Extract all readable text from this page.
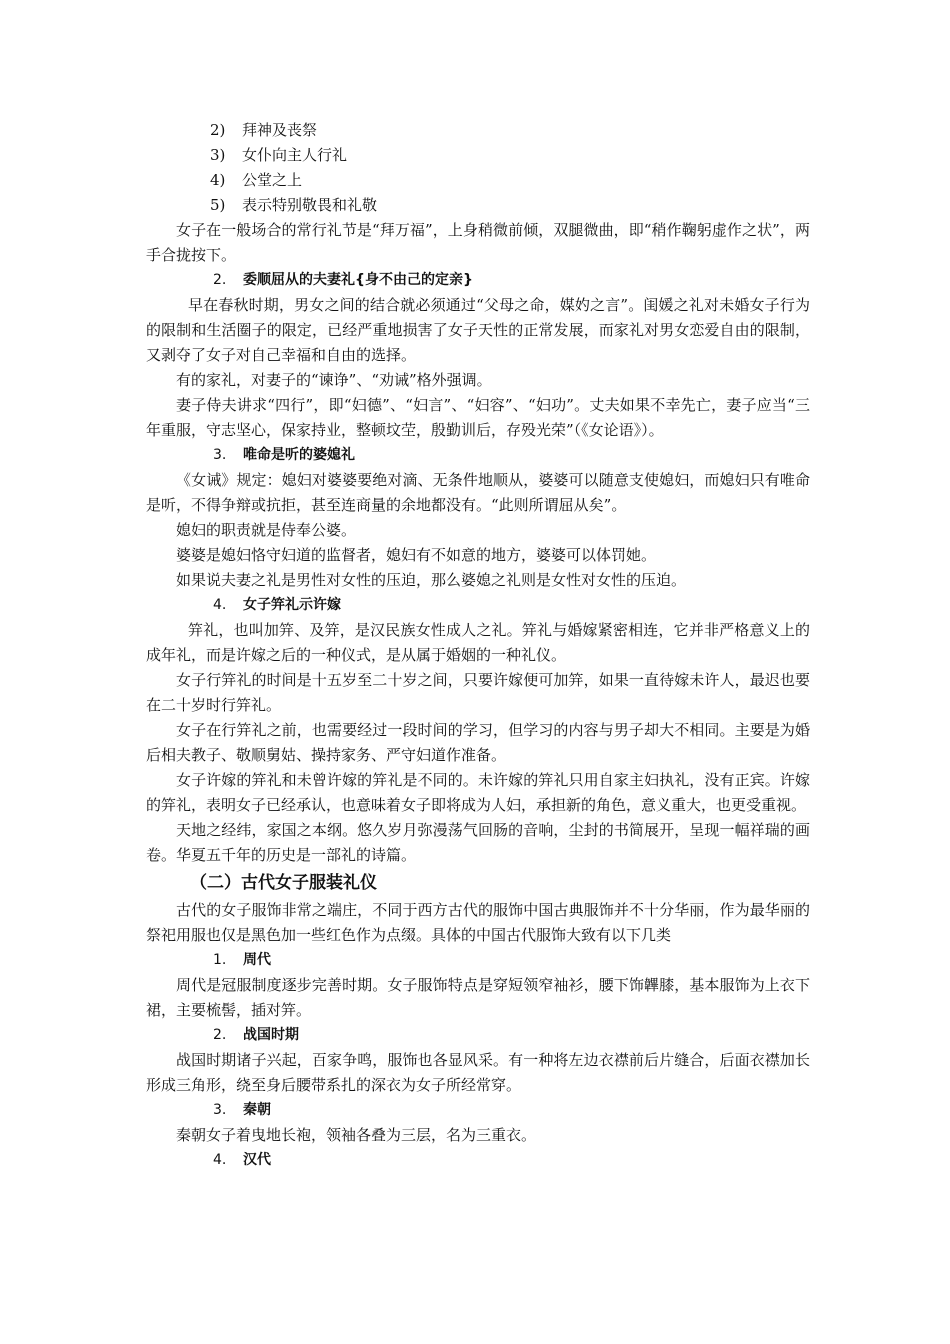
2) 拜神及丧祭
3) 女仆向主人行礼
4) 公堂之上
5) 表示特别敬畏和礼敬

女子在一般场合的常行礼节是“拜万福”，上身稍微前倾，双腿微曲，即“稍作鞠躬虚作之状”，两手合拢按下。

2. 委顺屈从的夫妻礼{身不由己的定亲}

早在春秋时期，男女之间的结合就必须通过“父母之命，媒妁之言”。闺媛之礼对未婚女子行为的限制和生活圈子的限定，已经严重地损害了女子天性的正常发展，而家礼对男女恋爱自由的限制，又剥夺了女子对自己幸福和自由的选择。

有的家礼，对妻子的“谏诤”、“劝诫”格外强调。

妻子侍夫讲求“四行”，即“妇德”、“妇言”、“妇容”、“妇功”。丈夫如果不幸先亡，妻子应当“三年重服，守志坚心，保家持业，整顿坟茔，殷勤训后，存殁光荣”（《女论语》）。

3. 唯命是听的婆媳礼

《女诫》规定：媳妇对婆婆要绝对滴、无条件地顺从，婆婆可以随意支使媳妇，而媳妇只有唯命是听，不得争辩或抗拒，甚至连商量的余地都没有。“此则所谓屈从矣”。

媳妇的职责就是侍奉公婆。

婆婆是媳妇恪守妇道的监督者，媳妇有不如意的地方，婆婆可以体罚她。

如果说夫妻之礼是男性对女性的压迫，那么婆媳之礼则是女性对女性的压迫。

4. 女子笄礼示许嫁

笄礼，也叫加笄、及笄，是汉民族女性成人之礼。笄礼与婚嫁紧密相连，它并非严格意义上的成年礼，而是许嫁之后的一种仪式，是从属于婚姻的一种礼仪。

女子行笄礼的时间是十五岁至二十岁之间，只要许嫁便可加笄，如果一直待嫁未许人，最迟也要在二十岁时行笄礼。

女子在行笄礼之前，也需要经过一段时间的学习，但学习的内容与男子却大不相同。主要是为婚后相夫教子、敬顺舅姑、操持家务、严守妇道作准备。

女子许嫁的笄礼和未曾许嫁的笄礼是不同的。未许嫁的笄礼只用自家主妇执礼，没有正宾。许嫁的笄礼，表明女子已经承认，也意味着女子即将成为人妇，承担新的角色，意义重大，也更受重视。

天地之经纬，家国之本纲。悠久岁月弥漫荡气回肠的音响，尘封的书简展开，呈现一幅祥瑞的画卷。华夏五千年的历史是一部礼的诗篇。

（二）古代女子服装礼仪

古代的女子服饰非常之端庄，不同于西方古代的服饰中国古典服饰并不十分华丽，作为最华丽的祭祀用服也仅是黑色加一些红色作为点缀。具体的中国古代服饰大致有以下几类

1. 周代

周代是冠服制度逐步完善时期。女子服饰特点是穿短领窄袖衫，腰下饰韠膝，基本服饰为上衣下裙，主要梳髻，插对笄。

2. 战国时期

战国时期诸子兴起，百家争鸣，服饰也各显风采。有一种将左边衣襟前后片缝合，后面衣襟加长形成三角形，绕至身后腰带系扎的深衣为女子所经常穿。

3. 秦朝

秦朝女子着曳地长袍，领袖各叠为三层，名为三重衣。

4. 汉代
